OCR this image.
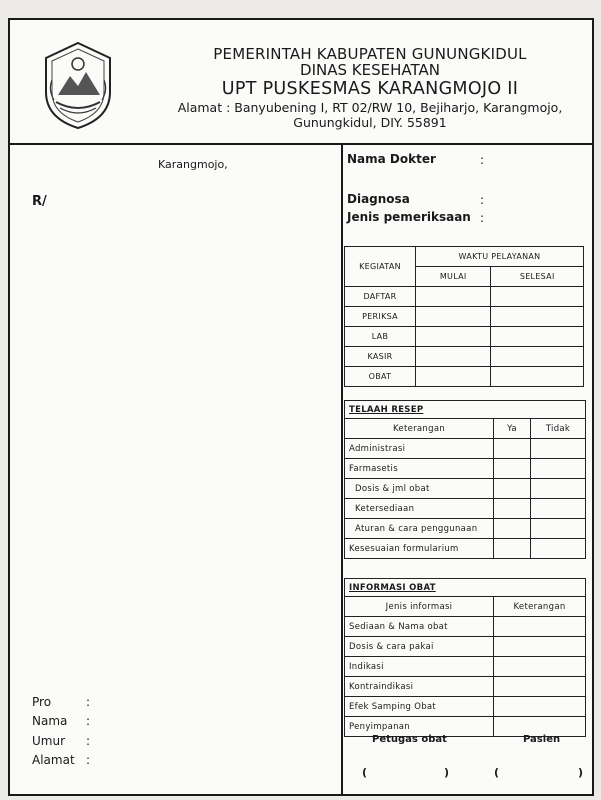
PEMERINTAH KABUPATEN GUNUNGKIDUL
DINAS KESEHATAN
UPT PUSKESMAS KARANGMOJO II
Alamat : Banyubening I, RT 02/RW 10, Bejiharjo, Karangmojo,
Gunungkidul, DIY. 55891
Karangmojo,
R/
Pro	:
Nama :
Umur :
Alamat :
Nama Dokter	:
Diagnosa	:
Jenis pemeriksaan :
KEGIATAN	WAKTU PELAYANAN	
	MULAI	SELESAI
DAFTAR		
PERIKSA		
LAB		
KASIR		
OBAT		
TELAAH RESEP		
Keterangan	Ya	Tidak
Administrasi		
Farmasetis		
Dosis & jml obat		
Ketersediaan		
Aturan & cara penggunaan		
Kesesuaian formularium		
INFORMASI OBAT	
Jenis informasi	Keterangan
Sediaan & Nama obat	
Dosis & cara pakai	
Indikasi	
Kontraindikasi	
Efek Samping Obat	
Penyimpanan	
Petugas obat	Pasien
(	)	(	)
